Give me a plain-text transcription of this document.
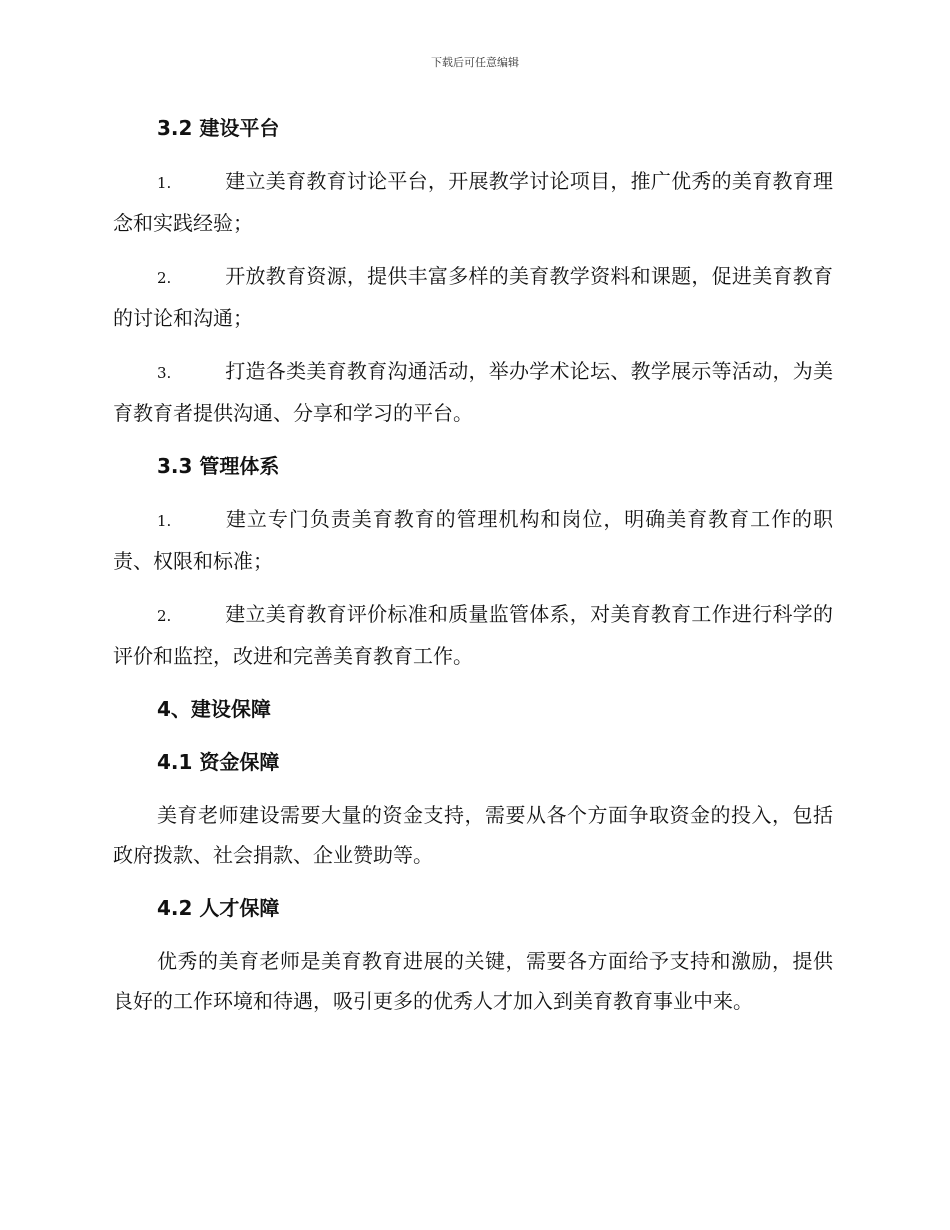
下载后可任意编辑
3.2 建设平台

1.	建立美育教育讨论平台，开展教学讨论项目，推广优秀的美育教育理念和实践经验；

2.	开放教育资源，提供丰富多样的美育教学资料和课题，促进美育教育的讨论和沟通；

3.	打造各类美育教育沟通活动，举办学术论坛、教学展示等活动，为美育教育者提供沟通、分享和学习的平台。

3.3 管理体系

1.	建立专门负责美育教育的管理机构和岗位，明确美育教育工作的职责、权限和标准；

2.	建立美育教育评价标准和质量监管体系，对美育教育工作进行科学的评价和监控，改进和完善美育教育工作。

4、建设保障
4.1 资金保障

美育老师建设需要大量的资金支持，需要从各个方面争取资金的投入，包括政府拨款、社会捐款、企业赞助等。

4.2 人才保障

优秀的美育老师是美育教育进展的关键，需要各方面给予支持和激励，提供良好的工作环境和待遇，吸引更多的优秀人才加入到美育教育事业中来。
